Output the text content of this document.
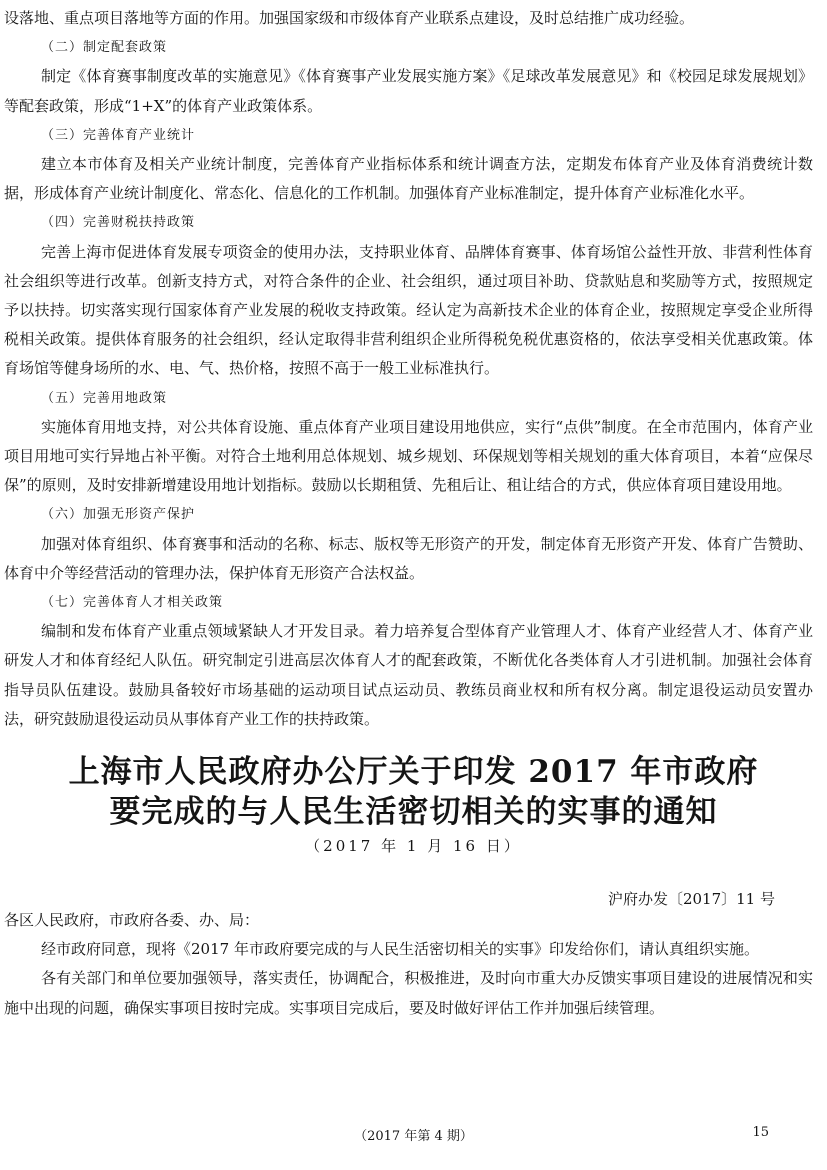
设落地、重点项目落地等方面的作用。加强国家级和市级体育产业联系点建设，及时总结推广成功经验。

（二）制定配套政策

制定《体育赛事制度改革的实施意见》《体育赛事产业发展实施方案》《足球改革发展意见》和《校园足球发展规划》等配套政策，形成“1+X”的体育产业政策体系。

（三）完善体育产业统计

建立本市体育及相关产业统计制度，完善体育产业指标体系和统计调查方法，定期发布体育产业及体育消费统计数据，形成体育产业统计制度化、常态化、信息化的工作机制。加强体育产业标准制定，提升体育产业标准化水平。

（四）完善财税扶持政策

完善上海市促进体育发展专项资金的使用办法，支持职业体育、品牌体育赛事、体育场馆公益性开放、非营利性体育社会组织等进行改革。创新支持方式，对符合条件的企业、社会组织，通过项目补助、贷款贴息和奖励等方式，按照规定予以扶持。切实落实现行国家体育产业发展的税收支持政策。经认定为高新技术企业的体育企业，按照规定享受企业所得税相关政策。提供体育服务的社会组织，经认定取得非营利组织企业所得税免税优惠资格的，依法享受相关优惠政策。体育场馆等健身场所的水、电、气、热价格，按照不高于一般工业标准执行。

（五）完善用地政策

实施体育用地支持，对公共体育设施、重点体育产业项目建设用地供应，实行“点供”制度。在全市范围内，体育产业项目用地可实行异地占补平衡。对符合土地利用总体规划、城乡规划、环保规划等相关规划的重大体育项目，本着“应保尽保”的原则，及时安排新增建设用地计划指标。鼓励以长期租赁、先租后让、租让结合的方式，供应体育项目建设用地。

（六）加强无形资产保护

加强对体育组织、体育赛事和活动的名称、标志、版权等无形资产的开发，制定体育无形资产开发、体育广告赞助、体育中介等经营活动的管理办法，保护体育无形资产合法权益。

（七）完善体育人才相关政策

编制和发布体育产业重点领域紧缺人才开发目录。着力培养复合型体育产业管理人才、体育产业经营人才、体育产业研发人才和体育经纪人队伍。研究制定引进高层次体育人才的配套政策，不断优化各类体育人才引进机制。加强社会体育指导员队伍建设。鼓励具备较好市场基础的运动项目试点运动员、教练员商业权和所有权分离。制定退役运动员安置办法，研究鼓励退役运动员从事体育产业工作的扶持政策。

上海市人民政府办公厅关于印发 2017 年市政府
要完成的与人民生活密切相关的实事的通知
（2017 年 1 月 16 日）
沪府办发〔2017〕11 号

各区人民政府，市政府各委、办、局：

经市政府同意，现将《2017 年市政府要完成的与人民生活密切相关的实事》印发给你们，请认真组织实施。

各有关部门和单位要加强领导，落实责任，协调配合，积极推进，及时向市重大办反馈实事项目建设的进展情况和实施中出现的问题，确保实事项目按时完成。实事项目完成后，要及时做好评估工作并加强后续管理。

（2017 年第 4 期）	15
